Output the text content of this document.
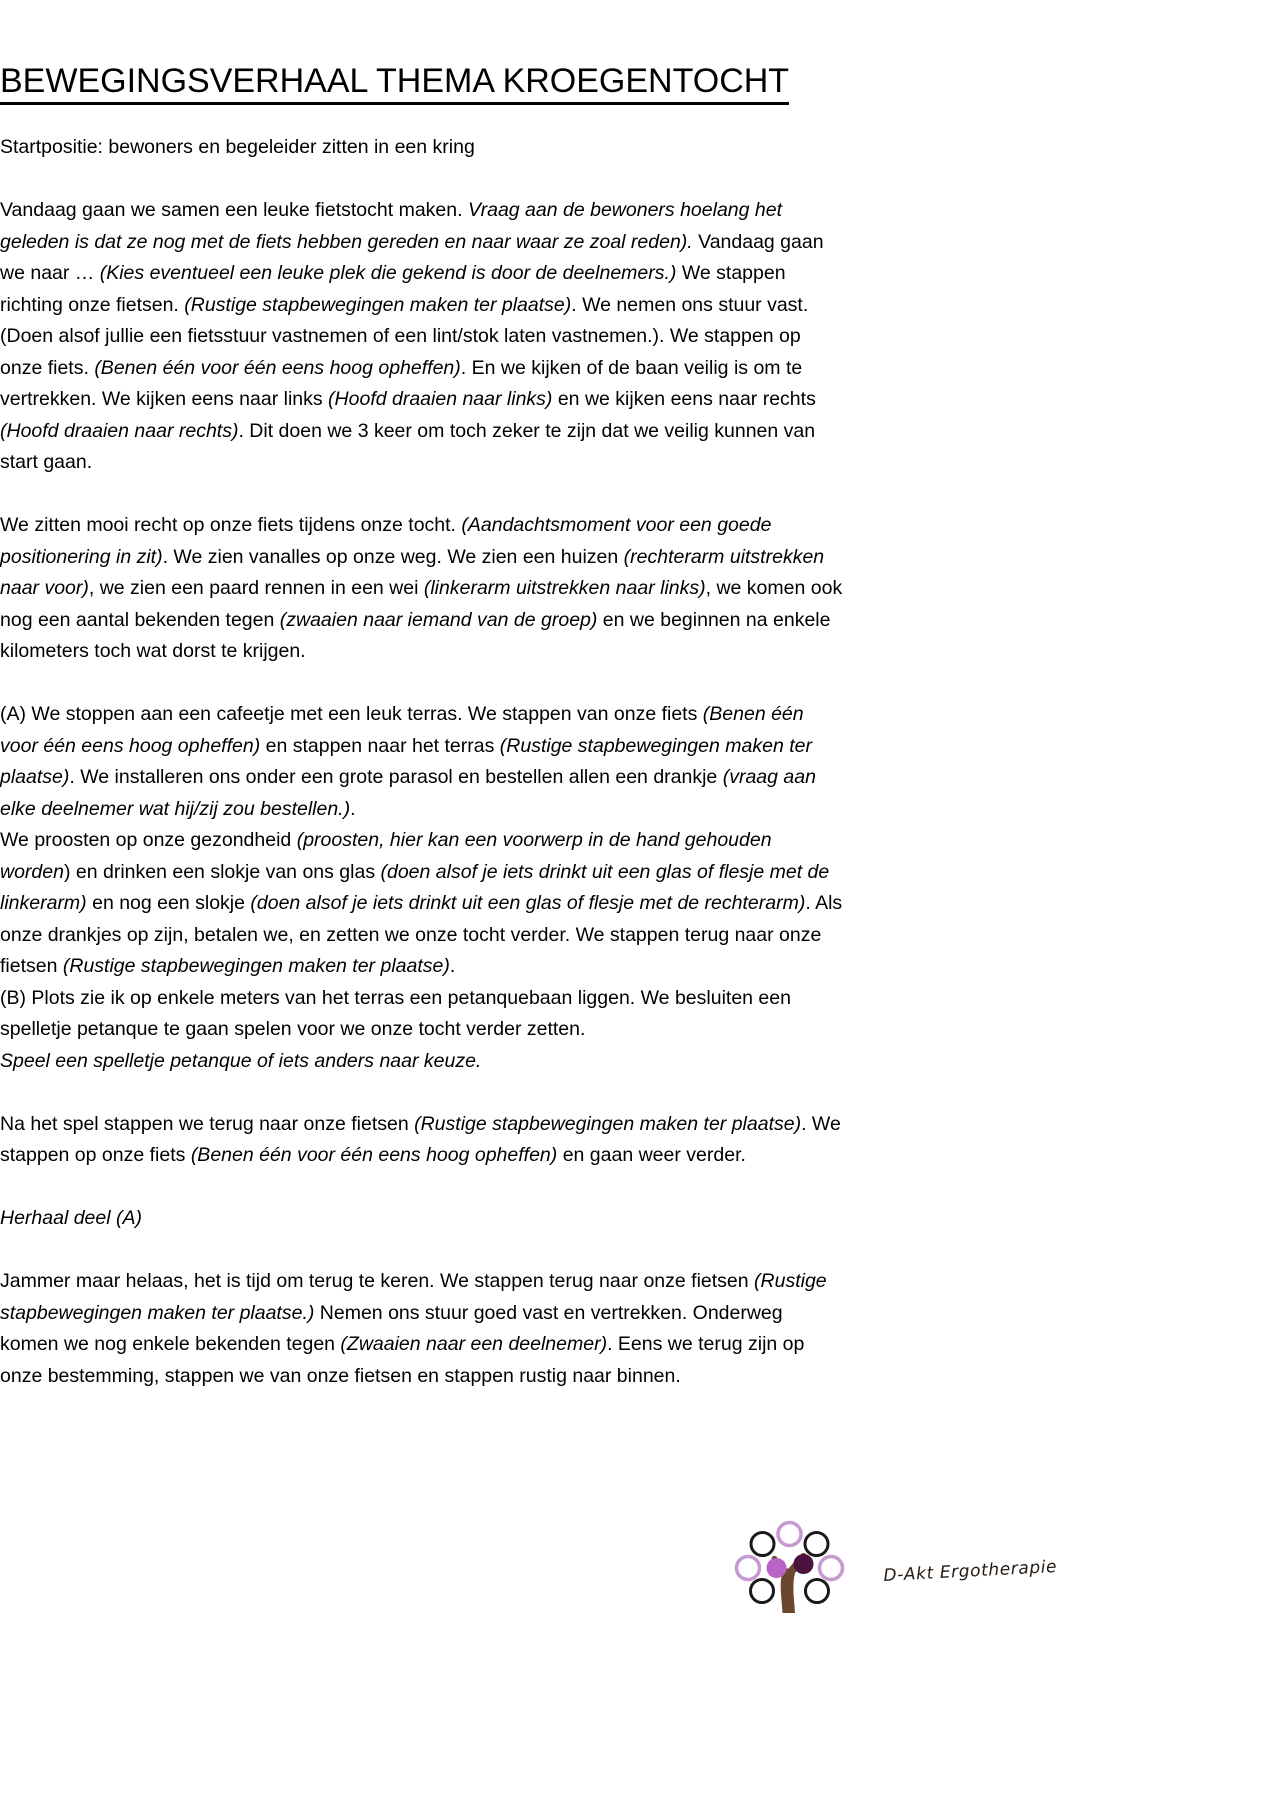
BEWEGINGSVERHAAL THEMA KROEGENTOCHT

Startpositie: bewoners en begeleider zitten in een kring

Vandaag gaan we samen een leuke fietstocht maken. Vraag aan de bewoners hoelang het geleden is dat ze nog met de fiets hebben gereden en naar waar ze zoal reden). Vandaag gaan we naar … (Kies eventueel een leuke plek die gekend is door de deelnemers.) We stappen richting onze fietsen. (Rustige stapbewegingen maken ter plaatse). We nemen ons stuur vast. (Doen alsof jullie een fietsstuur vastnemen of een lint/stok laten vastnemen.). We stappen op onze fiets. (Benen één voor één eens hoog opheffen). En we kijken of de baan veilig is om te vertrekken. We kijken eens naar links (Hoofd draaien naar links) en we kijken eens naar rechts (Hoofd draaien naar rechts). Dit doen we 3 keer om toch zeker te zijn dat we veilig kunnen van start gaan.

We zitten mooi recht op onze fiets tijdens onze tocht. (Aandachtsmoment voor een goede positionering in zit). We zien vanalles op onze weg. We zien een huizen (rechterarm uitstrekken naar voor), we zien een paard rennen in een wei (linkerarm uitstrekken naar links), we komen ook nog een aantal bekenden tegen (zwaaien naar iemand van de groep) en we beginnen na enkele kilometers toch wat dorst te krijgen.

(A) We stoppen aan een cafeetje met een leuk terras. We stappen van onze fiets (Benen één voor één eens hoog opheffen) en stappen naar het terras (Rustige stapbewegingen maken ter plaatse). We installeren ons onder een grote parasol en bestellen allen een drankje (vraag aan elke deelnemer wat hij/zij zou bestellen.).
We proosten op onze gezondheid (proosten, hier kan een voorwerp in de hand gehouden worden) en drinken een slokje van ons glas (doen alsof je iets drinkt uit een glas of flesje met de linkerarm) en nog een slokje (doen alsof je iets drinkt uit een glas of flesje met de rechterarm). Als onze drankjes op zijn, betalen we, en zetten we onze tocht verder. We stappen terug naar onze fietsen (Rustige stapbewegingen maken ter plaatse).
(B) Plots zie ik op enkele meters van het terras een petanquebaan liggen. We besluiten een spelletje petanque te gaan spelen voor we onze tocht verder zetten.
Speel een spelletje petanque of iets anders naar keuze.

Na het spel stappen we terug naar onze fietsen (Rustige stapbewegingen maken ter plaatse). We stappen op onze fiets (Benen één voor één eens hoog opheffen) en gaan weer verder.

Herhaal deel (A)

Jammer maar helaas, het is tijd om terug te keren. We stappen terug naar onze fietsen (Rustige stapbewegingen maken ter plaatse.) Nemen ons stuur goed vast en vertrekken. Onderweg komen we nog enkele bekenden tegen (Zwaaien naar een deelnemer). Eens we terug zijn op onze bestemming, stappen we van onze fietsen en stappen rustig naar binnen.

D-Akt Ergotherapie
